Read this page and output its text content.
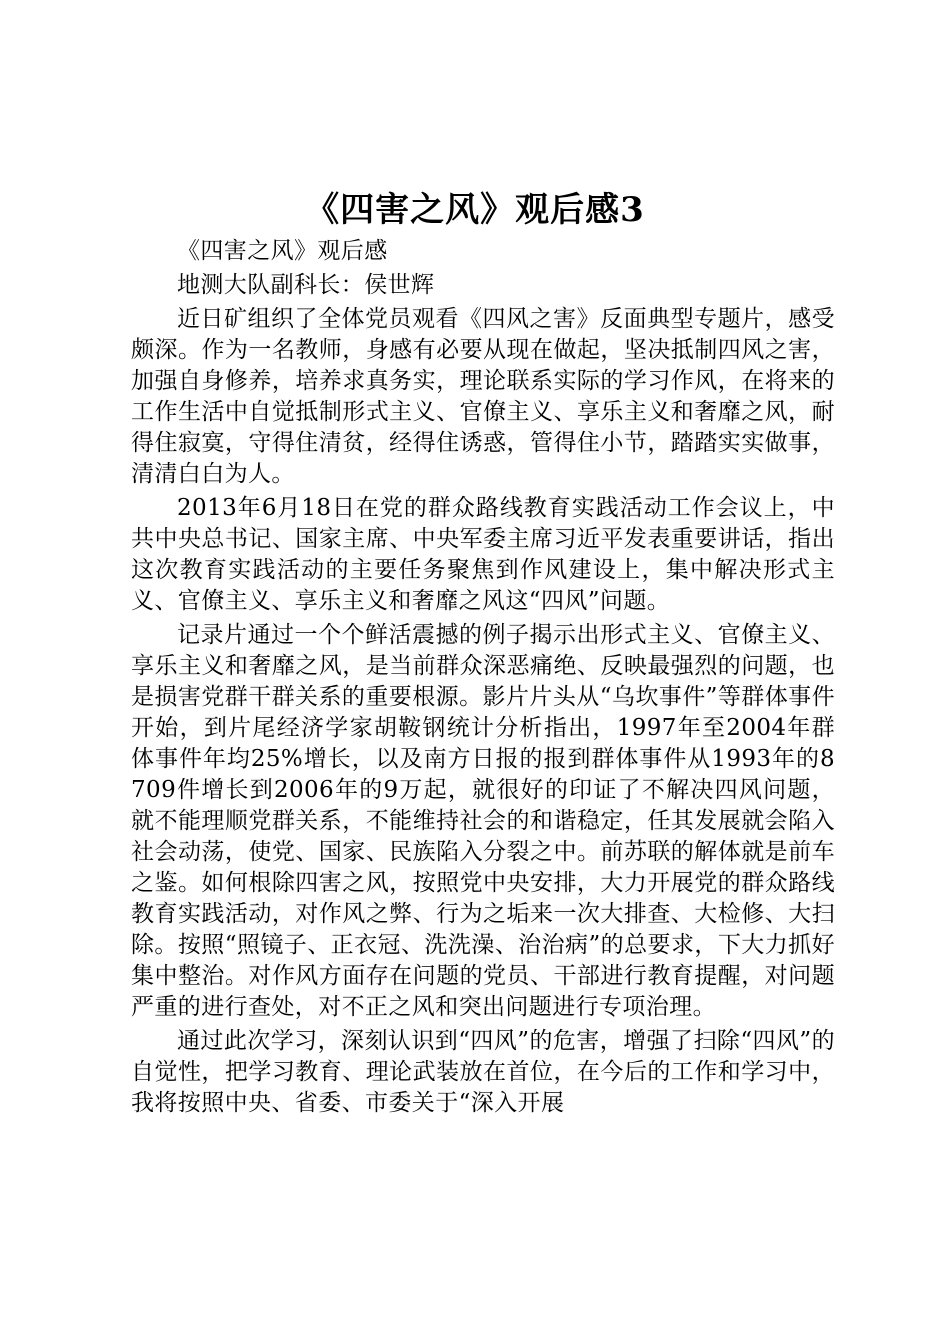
《四害之风》观后感3

《四害之风》观后感

地测大队副科长：侯世辉

近日矿组织了全体党员观看《四风之害》反面典型专题片，感受颇深。作为一名教师，身感有必要从现在做起，坚决抵制四风之害，加强自身修养，培养求真务实，理论联系实际的学习作风，在将来的工作生活中自觉抵制形式主义、官僚主义、享乐主义和奢靡之风，耐得住寂寞，守得住清贫，经得住诱惑，管得住小节，踏踏实实做事，清清白白为人。

2013年6月18日在党的群众路线教育实践活动工作会议上，中共中央总书记、国家主席、中央军委主席习近平发表重要讲话，指出这次教育实践活动的主要任务聚焦到作风建设上，集中解决形式主义、官僚主义、享乐主义和奢靡之风这“四风”问题。

记录片通过一个个鲜活震撼的例子揭示出形式主义、官僚主义、享乐主义和奢靡之风，是当前群众深恶痛绝、反映最强烈的问题，也是损害党群干群关系的重要根源。影片片头从“乌坎事件”等群体事件开始，到片尾经济学家胡鞍钢统计分析指出，1997年至2004年群体事件年均25%增长，以及南方日报的报到群体事件从1993年的8709件增长到2006年的9万起，就很好的印证了不解决四风问题，就不能理顺党群关系，不能维持社会的和谐稳定，任其发展就会陷入社会动荡，使党、国家、民族陷入分裂之中。前苏联的解体就是前车之鉴。如何根除四害之风，按照党中央安排，大力开展党的群众路线教育实践活动，对作风之弊、行为之垢来一次大排查、大检修、大扫除。按照“照镜子、正衣冠、洗洗澡、治治病”的总要求，下大力抓好集中整治。对作风方面存在问题的党员、干部进行教育提醒，对问题严重的进行查处，对不正之风和突出问题进行专项治理。

通过此次学习，深刻认识到“四风”的危害，增强了扫除“四风”的自觉性，把学习教育、理论武装放在首位，在今后的工作和学习中，我将按照中央、省委、市委关于“深入开展
